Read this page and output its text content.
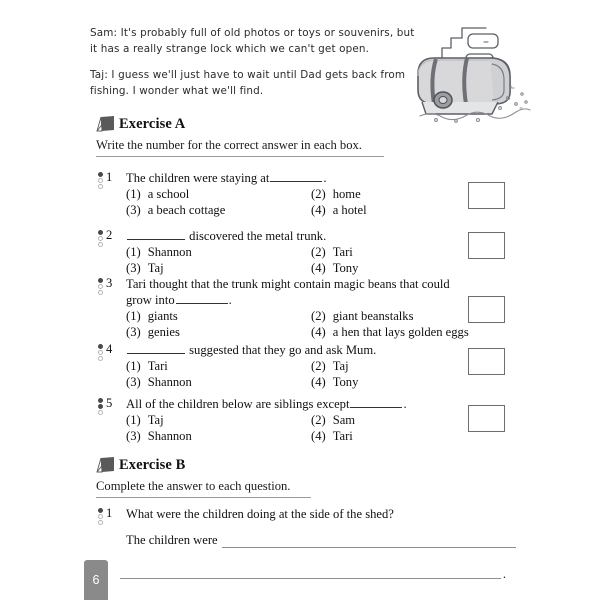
Sam: It's probably full of old photos or toys or souvenirs, but it has a really strange lock which we can't get open.

Taj: I guess we'll just have to wait until Dad gets back from fishing. I wonder what we'll find.

Exercise A
Write the number for the correct answer in each box.
1 The children were staying at	.
(1) a school	(2) home
(3) a beach cottage	(4) a hotel
2	discovered the metal trunk.
(1) Shannon	(2) Tari
(3) Taj	(4) Tony
3 Tari thought that the trunk might contain magic beans that could grow into	.
(1) giants	(2) giant beanstalks
(3) genies	(4) a hen that lays golden eggs
4	suggested that they go and ask Mum.
(1) Tari	(2) Taj
(3) Shannon	(4) Tony
5 All of the children below are siblings except	.
(1) Taj	(2) Sam
(3) Shannon	(4) Tari
Exercise B
Complete the answer to each question.
1 What were the children doing at the side of the shed?
The children were
.
6
